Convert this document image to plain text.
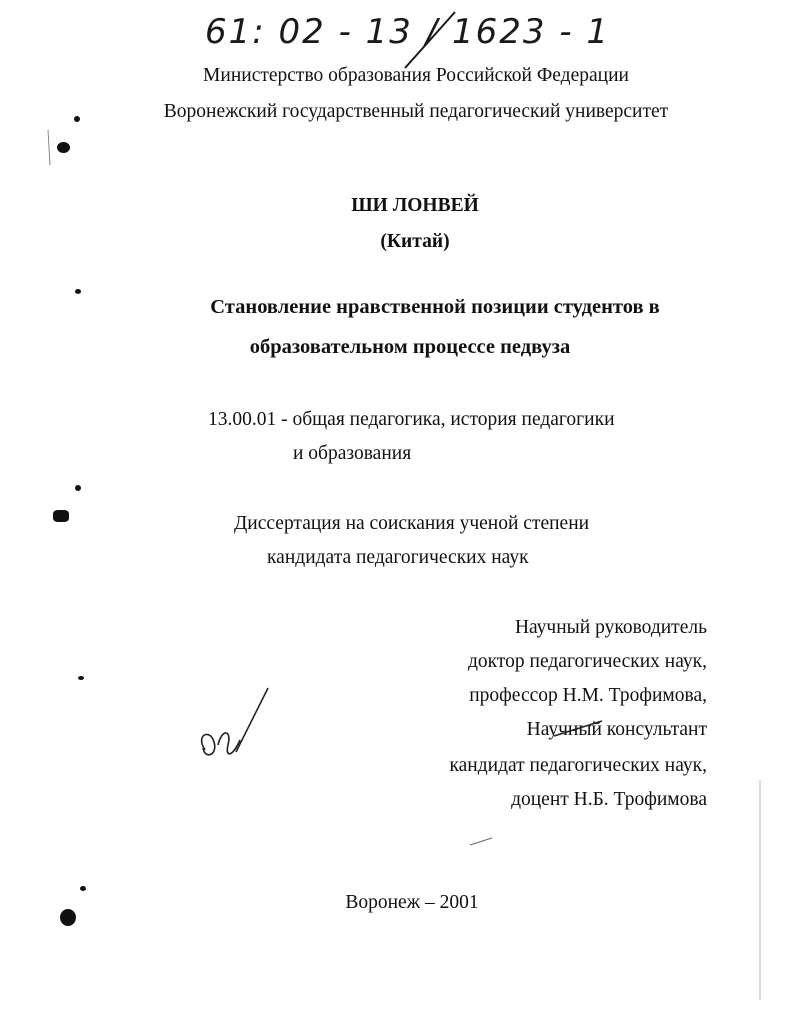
61: 02 - 13 / 1623 - 1
Министерство образования Российской Федерации
Воронежский государственный педагогический университет
ШИ ЛОНВЕЙ
(Китай)
Становление нравственной позиции студентов в
образовательном процессе педвуза
13.00.01 - общая педагогика, история педагогики
и образования
Диссертация на соискания ученой степени
кандидата педагогических наук
Научный руководитель
доктор педагогических наук,
профессор Н.М. Трофимова,
Научный консультант
кандидат педагогических наук,
доцент Н.Б. Трофимова
Воронеж – 2001
